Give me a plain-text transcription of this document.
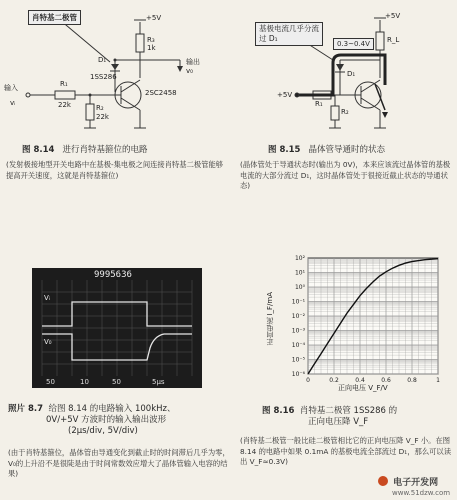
肖特基二极管
D₁
R₃
1k
+5V
1SS286
2SC2458
输入
vᵢ
R₁
22k	R₂
22k
输出
v₀
图 8.14 进行肖特基箍位的电路
(发射极接地型开关电路中在基极-集电极之间连接肖特基二极管能够提高开关速度，这就是肖特基箍位)
基极电流几乎分流过 D₁
+5V
R_L
0.3~0.4V
D₁
+5V
R₁
R₂
图 8.15 晶体管导通时的状态
(晶体管处于导通状态时(输出为 0V)，本来应该流过晶体管的基极电流的大部分流过 D₁，这时晶体管处于很接近截止状态的导通状态)
9995636
Vᵢ
V₀
50	10	50	5μs
照片 8.7 给图 8.14 的电路输入 100kHz、
0V/+5V 方波时的输入输出波形
(2μs/div, 5V/div)
(由于肖特基箍位，晶体管由导通变化到截止时的时间滞后几乎为零，V₀的上升沿不是很陡是由于时间常数效应增大了晶体管输入电容的结果)
10⁻⁶
10⁻⁵
10⁻⁴
10⁻³
10⁻²
10⁻¹
10⁰
10¹
10²
0	0.2	0.4	0.6	0.8	1
正向电流 I_F/mA
正向电压 V_F/V
图 8.16 肖特基二极管 1SS286 的
正向电压降 V_F
(肖特基二极管一般比硅二极管相比它的正向电压降 V_F 小。在图 8.14 的电路中如果 0.1mA 的基极电流全部流过 D₁，那么可以读出 V_F≈0.3V)
电子开发网
www.51dzw.com
